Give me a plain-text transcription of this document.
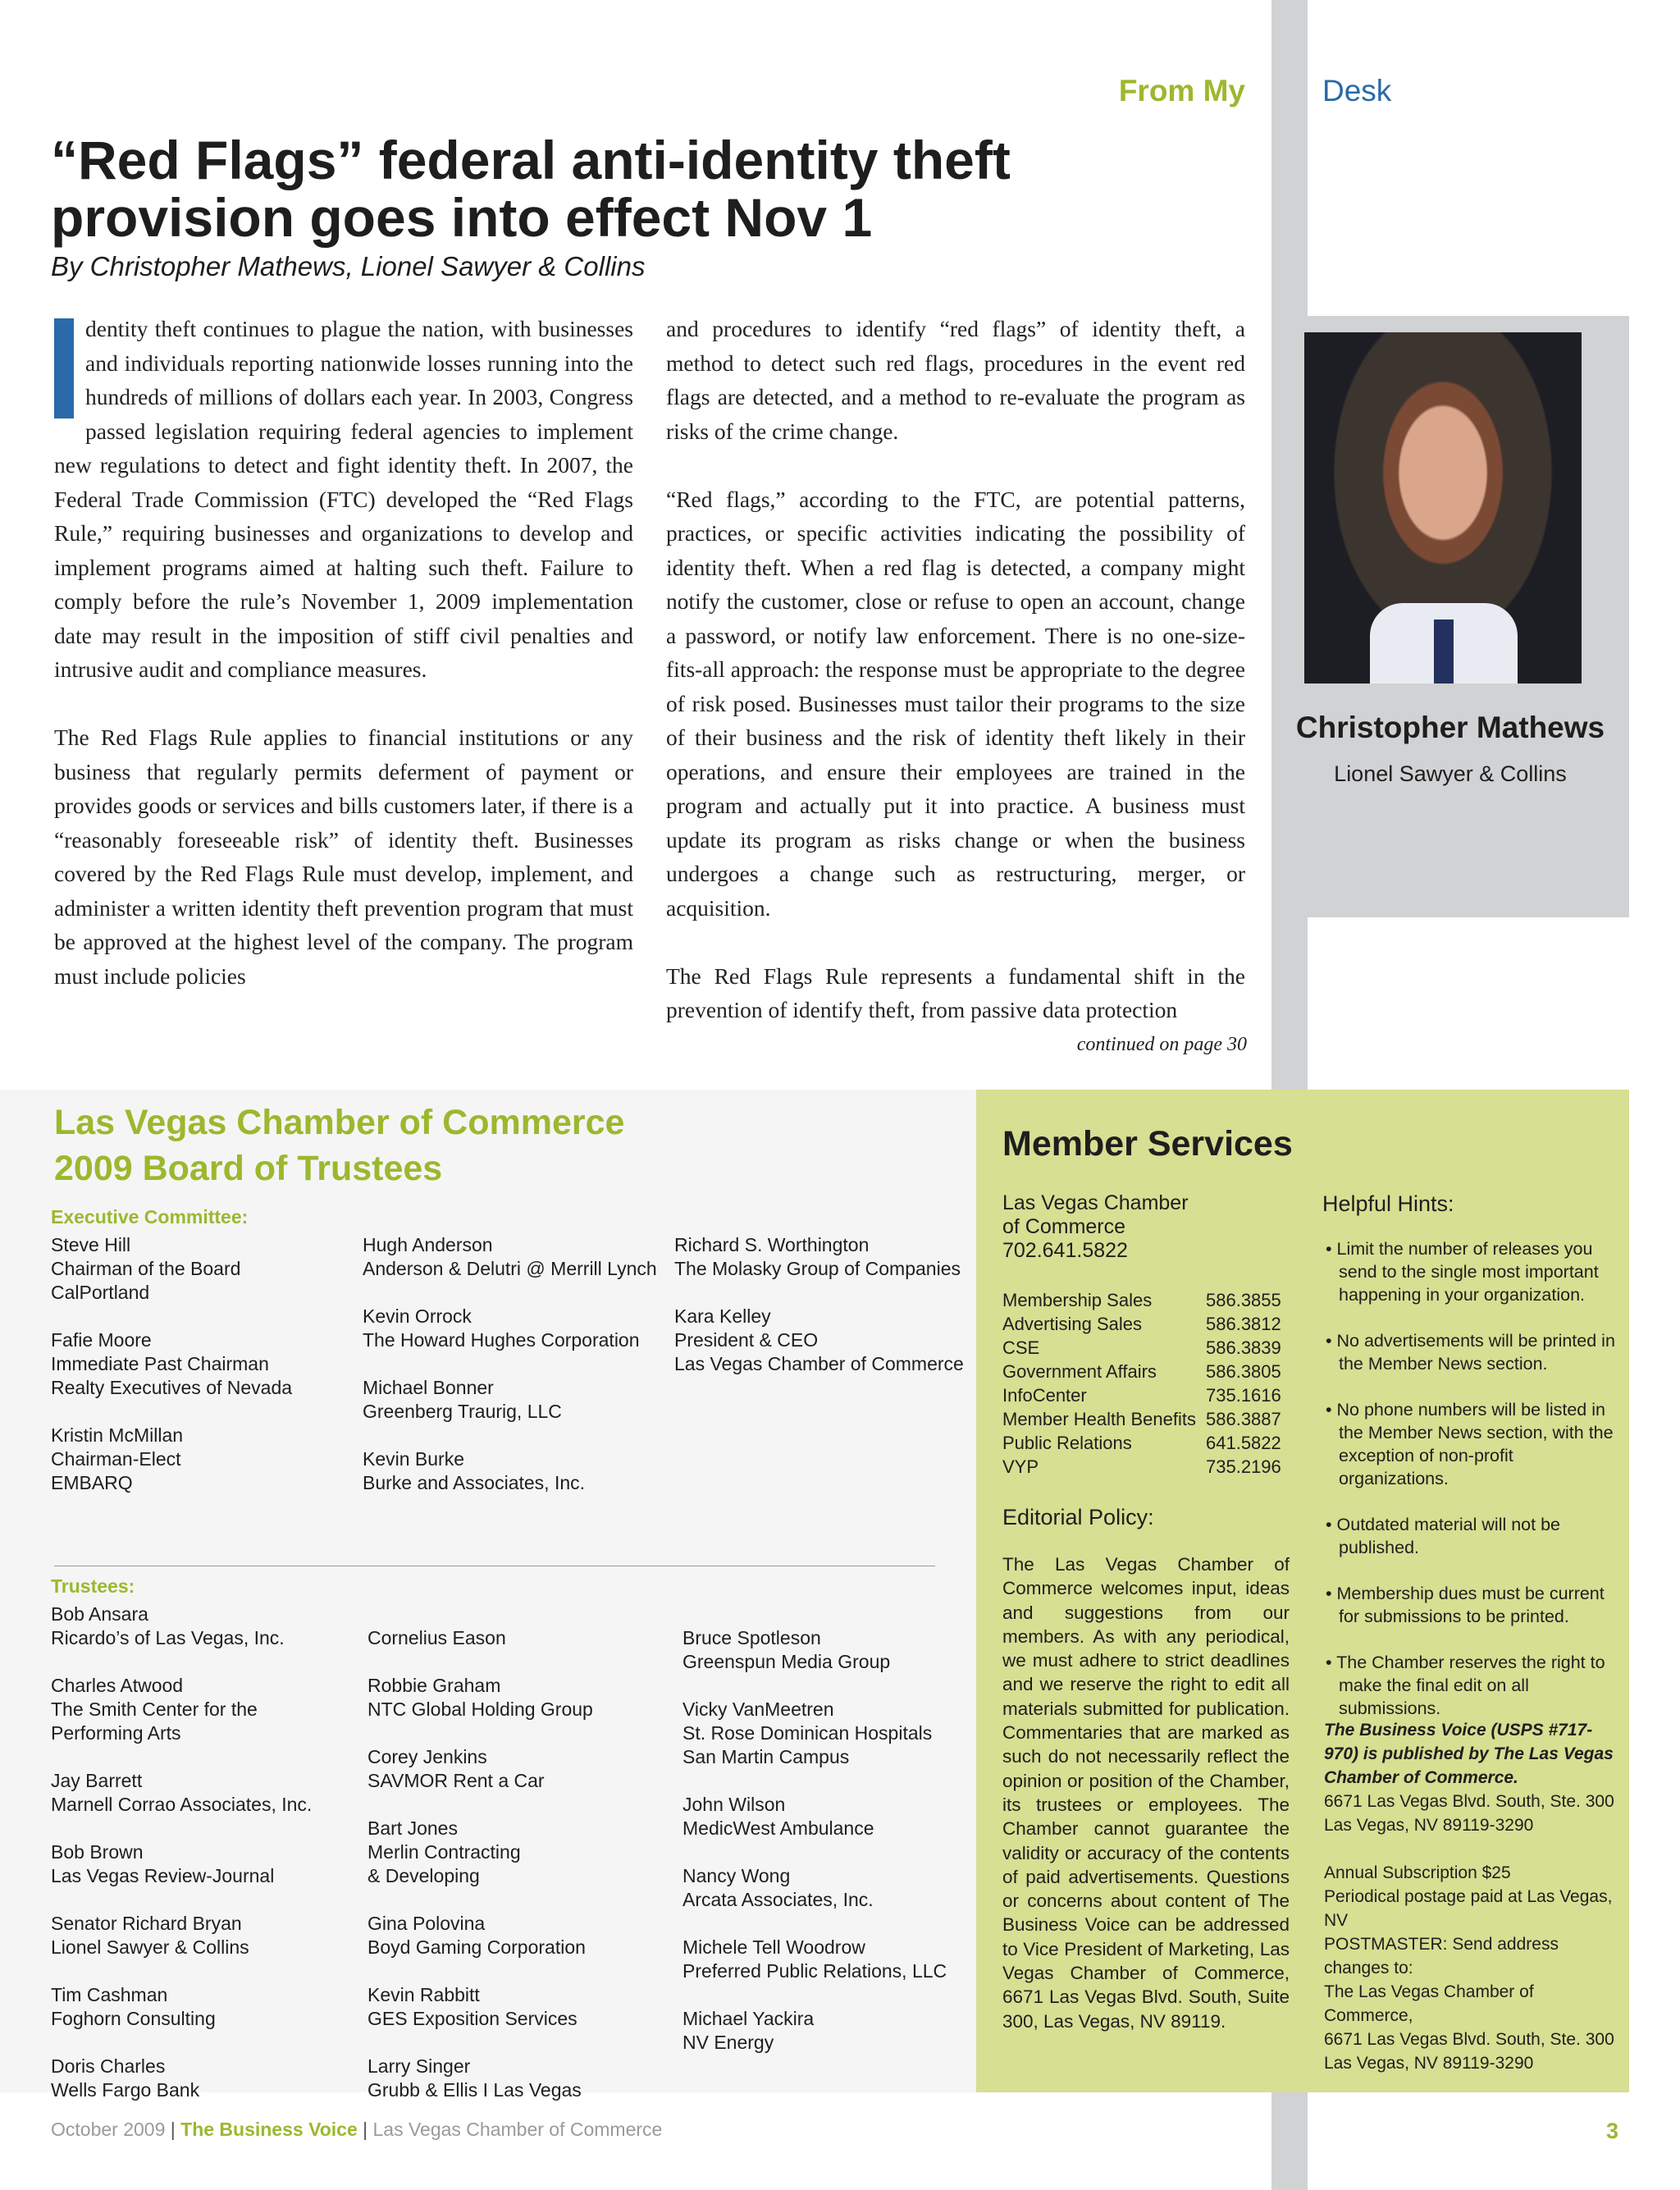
Christopher Mathews
Lionel Sawyer & Collins
From My	Desk
“Red Flags” federal anti-identity theft provision goes into effect Nov 1
By Christopher Mathews, Lionel Sawyer & Collins

dentity theft continues to plague the nation, with businesses and individuals reporting nationwide losses running into the hundreds of millions of dollars each year. In 2003, Congress passed legislation requiring federal agencies to implement new regulations to detect and fight identity theft. In 2007, the Federal Trade Commission (FTC) developed the “Red Flags Rule,” requiring businesses and organizations to develop and implement programs aimed at halting such theft. Failure to comply before the rule’s November 1, 2009 implementation date may result in the imposition of stiff civil penalties and intrusive audit and compliance measures.

The Red Flags Rule applies to financial institutions or any business that regularly permits deferment of payment or provides goods or services and bills customers later, if there is a “reasonably foreseeable risk” of identity theft. Businesses covered by the Red Flags Rule must develop, implement, and administer a written identity theft prevention program that must be approved at the highest level of the company. The program must include policies

and procedures to identify “red flags” of identity theft, a method to detect such red flags, procedures in the event red flags are detected, and a method to re-evaluate the program as risks of the crime change.

“Red flags,” according to the FTC, are potential patterns, practices, or specific activities indicating the possibility of identity theft. When a red flag is detected, a company might notify the customer, close or refuse to open an account, change a password, or notify law enforcement. There is no one-size-fits-all approach: the response must be appropriate to the degree of risk posed. Businesses must tailor their programs to the size of their business and the risk of identity theft likely in their operations, and ensure their employees are trained in the program and actually put it into practice. A business must update its program as risks change or when the business undergoes a change such as restructuring, merger, or acquisition.

The Red Flags Rule represents a fundamental shift in the prevention of identify theft, from passive data protection

continued on page 30
Las Vegas Chamber of Commerce
2009 Board of Trustees
Executive Committee:
Steve Hill
Chairman of the Board
CalPortland
Fafie Moore
Immediate Past Chairman
Realty Executives of Nevada
Kristin McMillan
Chairman-Elect
EMBARQ
Hugh Anderson
Anderson & Delutri @ Merrill Lynch
Kevin Orrock
The Howard Hughes Corporation
Michael Bonner
Greenberg Traurig, LLC
Kevin Burke
Burke and Associates, Inc.
Richard S. Worthington
The Molasky Group of Companies
Kara Kelley
President & CEO
Las Vegas Chamber of Commerce
Trustees:
Bob Ansara
Ricardo’s of Las Vegas, Inc.
Charles Atwood
The Smith Center for the
Performing Arts
Jay Barrett
Marnell Corrao Associates, Inc.
Bob Brown
Las Vegas Review-Journal
Senator Richard Bryan
Lionel Sawyer & Collins
Tim Cashman
Foghorn Consulting
Doris Charles
Wells Fargo Bank
Cornelius Eason
Robbie Graham
NTC Global Holding Group
Corey Jenkins
SAVMOR Rent a Car
Bart Jones
Merlin Contracting
& Developing
Gina Polovina
Boyd Gaming Corporation
Kevin Rabbitt
GES Exposition Services
Larry Singer
Grubb & Ellis I Las Vegas
Bruce Spotleson
Greenspun Media Group
Vicky VanMeetren
St. Rose Dominican Hospitals
San Martin Campus
John Wilson
MedicWest Ambulance
Nancy Wong
Arcata Associates, Inc.
Michele Tell Woodrow
Preferred Public Relations, LLC
Michael Yackira
NV Energy
Member Services
Las Vegas Chamber
of Commerce
702.641.5822
Membership Sales	586.3855
Advertising Sales	586.3812
CSE	586.3839
Government Affairs	586.3805
InfoCenter	735.1616
Member Health Benefits 586.3887
Public Relations	641.5822
VYP	735.2196
Editorial Policy:
The Las Vegas Chamber of Commerce welcomes input, ideas and suggestions from our members. As with any periodical, we must adhere to strict deadlines and we reserve the right to edit all materials submitted for publication. Commentaries that are marked as such do not necessarily reflect the opinion or position of the Chamber, its trustees or employees. The Chamber cannot guarantee the validity or accuracy of the contents of paid advertisements. Questions or concerns about content of The Business Voice can be addressed to Vice President of Marketing, Las Vegas Chamber of Commerce, 6671 Las Vegas Blvd. South, Suite 300, Las Vegas, NV 89119.
Helpful Hints:
• Limit the number of releases you send to the single most important happening in your organization.
• No advertisements will be printed in the Member News section.
• No phone numbers will be listed in the Member News section, with the exception of non-profit organizations.
• Outdated material will not be published.
• Membership dues must be current for submissions to be printed.
• The Chamber reserves the right to make the final edit on all submissions.
The Business Voice (USPS #717-970) is published by The Las Vegas Chamber of Commerce.
6671 Las Vegas Blvd. South, Ste. 300
Las Vegas, NV 89119-3290
Annual Subscription $25
Periodical postage paid at Las Vegas, NV
POSTMASTER: Send address changes to:
The Las Vegas Chamber of Commerce,
6671 Las Vegas Blvd. South, Ste. 300
Las Vegas, NV 89119-3290
October 2009 | The Business Voice | Las Vegas Chamber of Commerce	3
